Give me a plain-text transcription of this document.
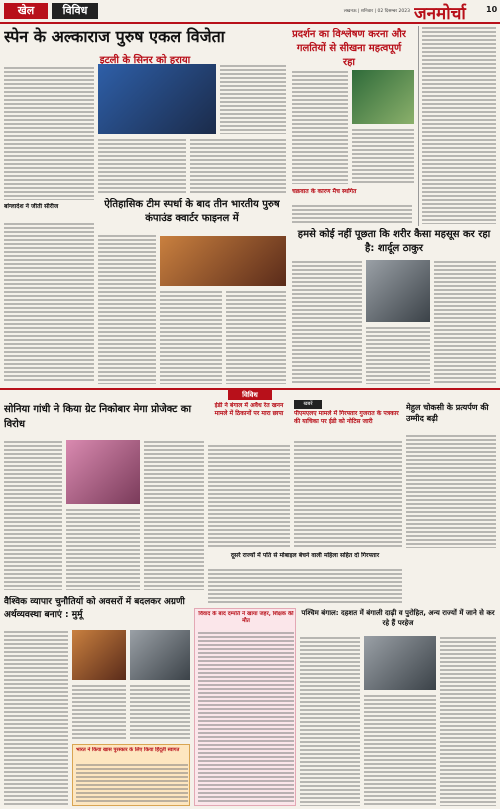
खेल	विविध	लखनऊ | शनिवार | 02 दिसम्बर 2023 जनमोर्चा	10
स्पेन के अल्काराज पुरुष एकल विजेता
इटली के सिनर को हराया
बांग्लादेश ने जीती सीरीज	ऐतिहासिक टीम स्पर्धा के बाद तीन भारतीय पुरुष कंपाउंड क्वार्टर फाइनल में
प्रदर्शन का विश्लेषण करना और गलतियों से सीखना महत्वपूर्ण रहा
चक्रवात के कारण मैच स्थगित
हमसे कोई नहीं पूछता कि शरीर कैसा महसूस कर रहा है: शार्दूल ठाकुर
विविध
सोनिया गांधी ने किया ग्रेट निकोबार मेगा प्रोजेक्ट का विरोध
ईडी ने बंगाल में अवैध रेत खनन मामले में ठिकानों पर मारा छापा
खबरें
पीएमएलए मामले में गिरफ्तार गुजरात के पत्रकार की याचिका पर ईडी को नोटिस जारी
मेहुल चोकसी के प्रत्यर्पण की उम्मीद बढ़ी
दूसरे राज्यों में पति से मोबाइल बेचने वाली महिला सहित दो गिरफ्तार
वैश्विक व्यापार चुनौतियों को अवसरों में बदलकर अग्रणी अर्थव्यवस्था बनाएं : मुर्मू
भारत ने किया खास पुरस्कार के लिए किया हिंदूर्ती स्वागत
विवाद के बाद दम्पति ने खाया जहर, शिक्षक की मौत
पश्चिम बंगाल: दहशत में बंगाली दाढ़ी व पुरोहित, अन्य राज्यों में जाने से कर रहे हैं परहेज
